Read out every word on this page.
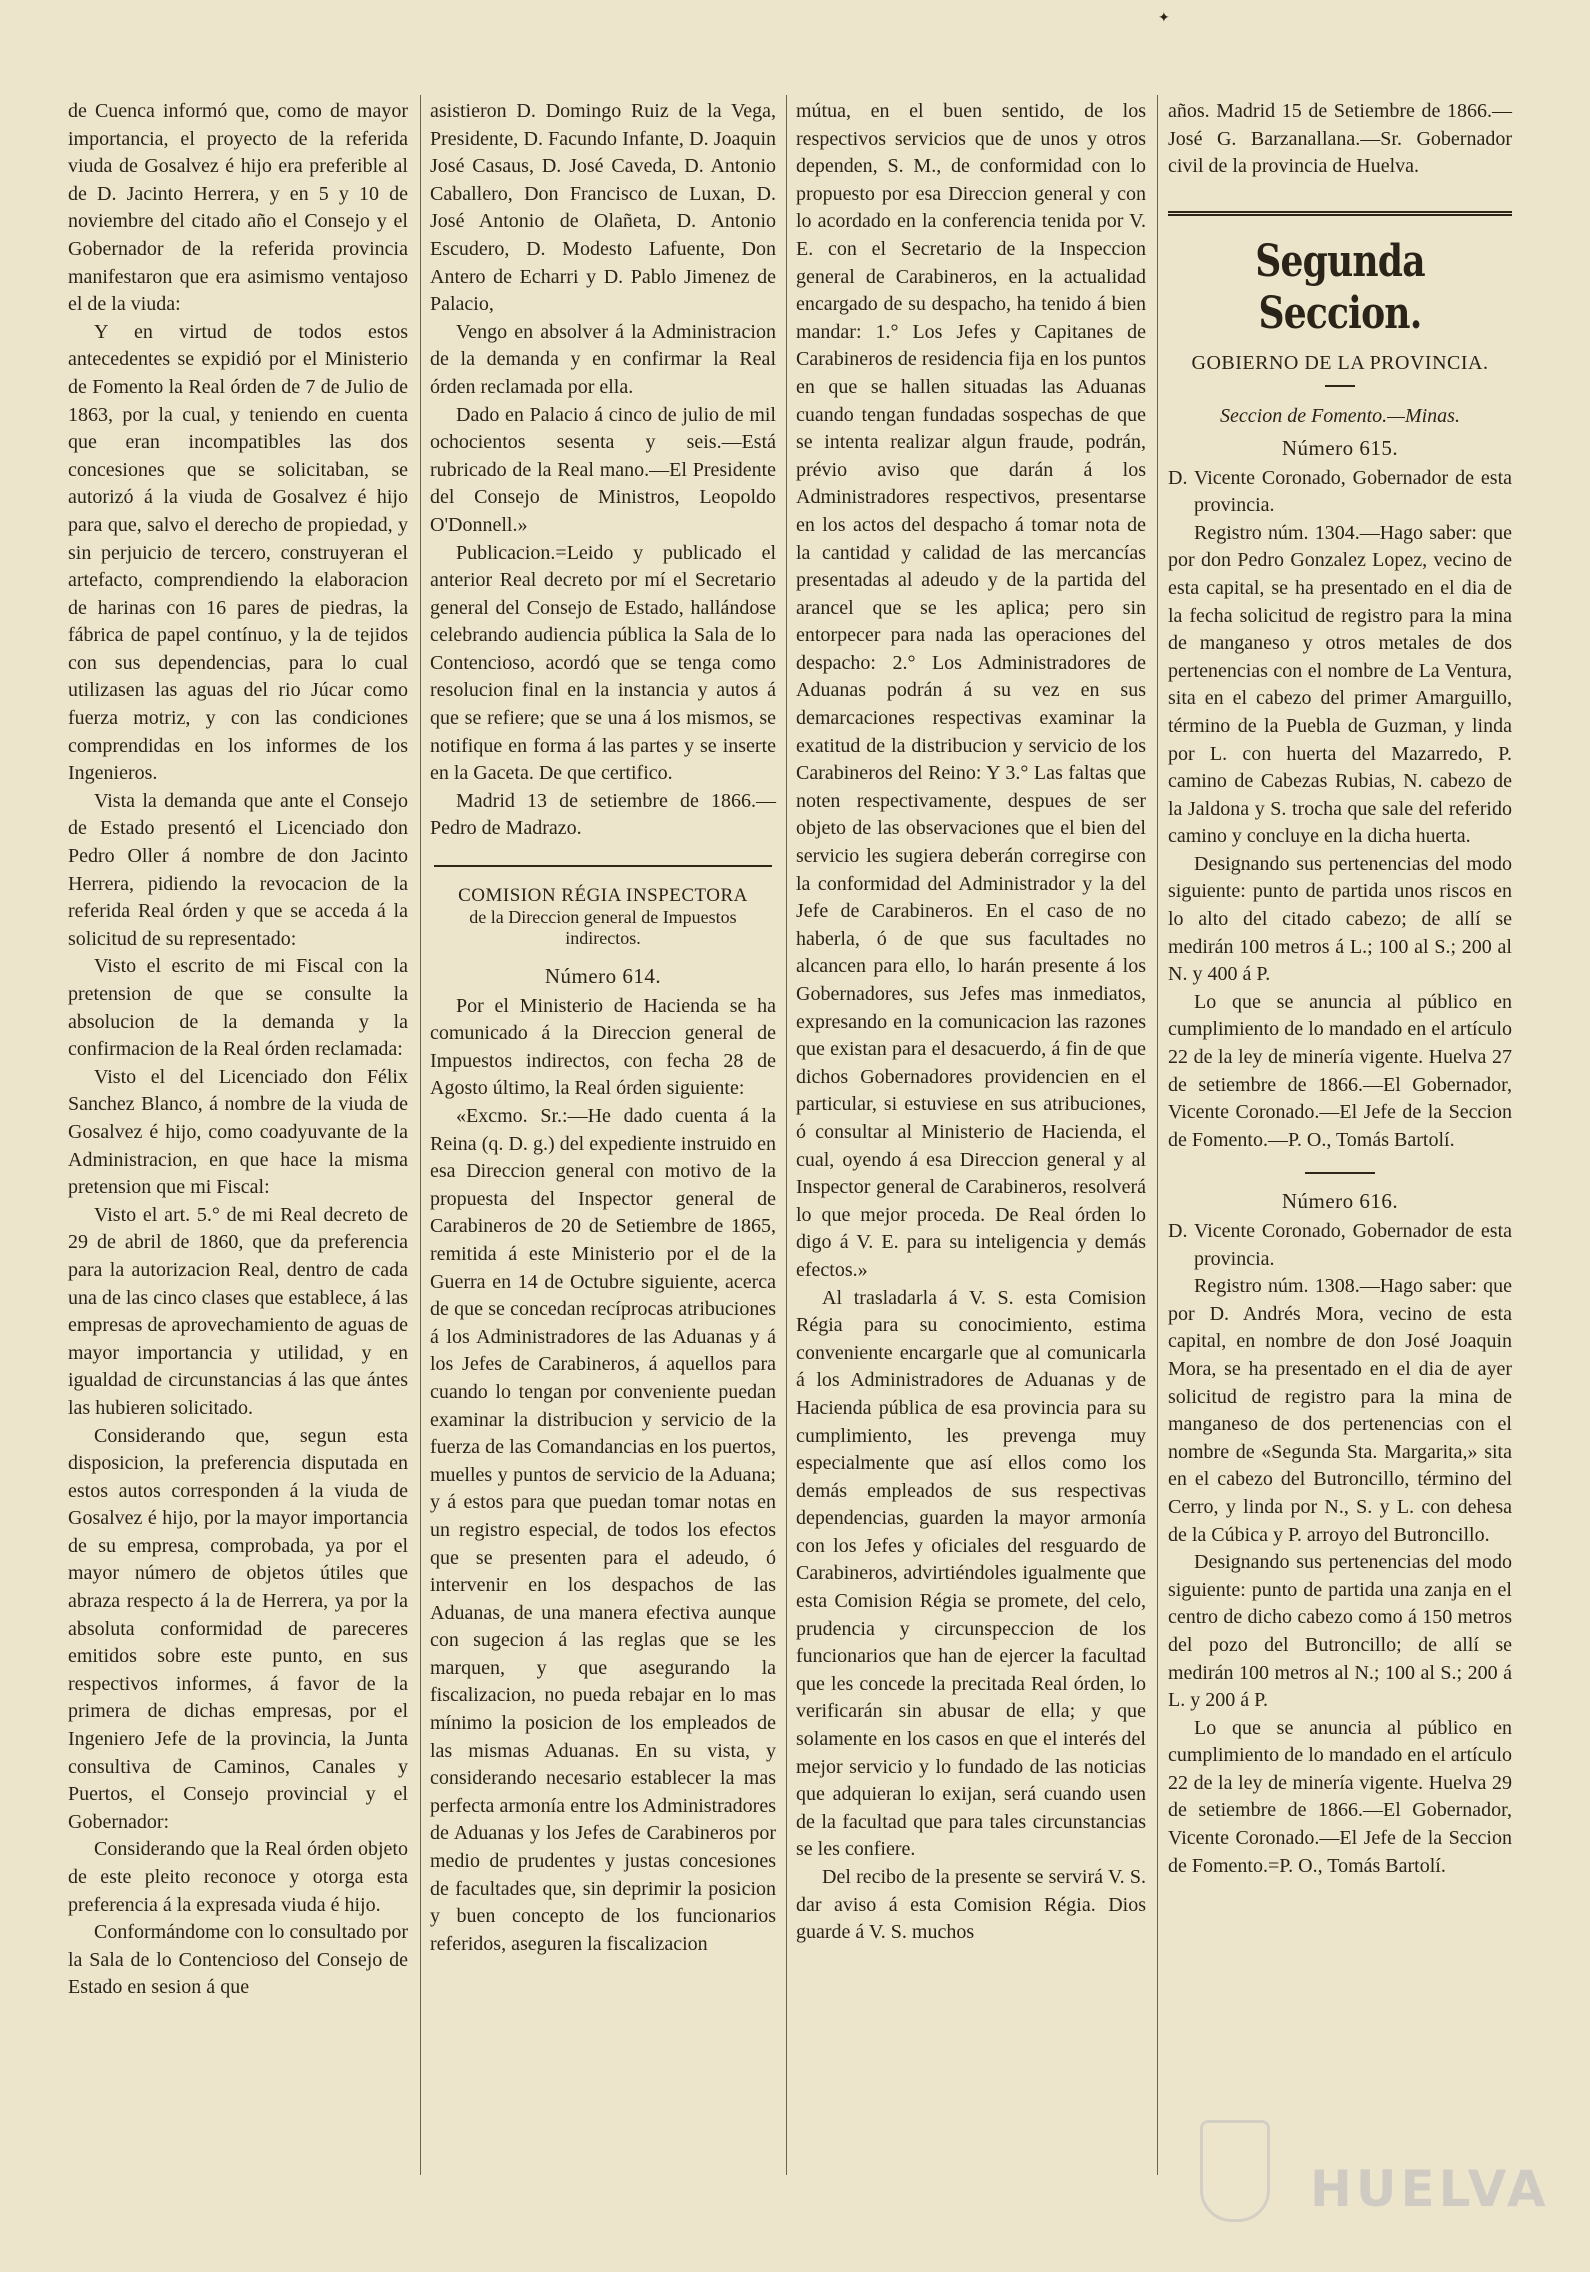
✦

de Cuenca informó que, como de mayor importancia, el proyecto de la referida viuda de Gosalvez é hijo era preferible al de D. Jacinto Herrera, y en 5 y 10 de noviembre del citado año el Consejo y el Gobernador de la referida provincia manifestaron que era asimismo ventajoso el de la viuda:

Y en virtud de todos estos antecedentes se expidió por el Ministerio de Fomento la Real órden de 7 de Julio de 1863, por la cual, y teniendo en cuenta que eran incompatibles las dos concesiones que se solicitaban, se autorizó á la viuda de Gosalvez é hijo para que, salvo el derecho de propiedad, y sin perjuicio de tercero, construyeran el artefacto, comprendiendo la elaboracion de harinas con 16 pares de piedras, la fábrica de papel contínuo, y la de tejidos con sus dependencias, para lo cual utilizasen las aguas del rio Júcar como fuerza motriz, y con las condiciones comprendidas en los informes de los Ingenieros.

Vista la demanda que ante el Consejo de Estado presentó el Licenciado don Pedro Oller á nombre de don Jacinto Herrera, pidiendo la revocacion de la referida Real órden y que se acceda á la solicitud de su representado:

Visto el escrito de mi Fiscal con la pretension de que se consulte la absolucion de la demanda y la confirmacion de la Real órden reclamada:

Visto el del Licenciado don Félix Sanchez Blanco, á nombre de la viuda de Gosalvez é hijo, como coadyuvante de la Administracion, en que hace la misma pretension que mi Fiscal:

Visto el art. 5.° de mi Real decreto de 29 de abril de 1860, que da preferencia para la autorizacion Real, dentro de cada una de las cinco clases que establece, á las empresas de aprovechamiento de aguas de mayor importancia y utilidad, y en igualdad de circunstancias á las que ántes las hubieren solicitado.

Considerando que, segun esta disposicion, la preferencia disputada en estos autos corresponden á la viuda de Gosalvez é hijo, por la mayor importancia de su empresa, comprobada, ya por el mayor número de objetos útiles que abraza respecto á la de Herrera, ya por la absoluta conformidad de pareceres emitidos sobre este punto, en sus respectivos informes, á favor de la primera de dichas empresas, por el Ingeniero Jefe de la provincia, la Junta consultiva de Caminos, Canales y Puertos, el Consejo provincial y el Gobernador:

Considerando que la Real órden objeto de este pleito reconoce y otorga esta preferencia á la expresada viuda é hijo.

Conformándome con lo consultado por la Sala de lo Contencioso del Consejo de Estado en sesion á que

asistieron D. Domingo Ruiz de la Vega, Presidente, D. Facundo Infante, D. Joaquin José Casaus, D. José Caveda, D. Antonio Caballero, Don Francisco de Luxan, D. José Antonio de Olañeta, D. Antonio Escudero, D. Modesto Lafuente, Don Antero de Echarri y D. Pablo Jimenez de Palacio,

Vengo en absolver á la Administracion de la demanda y en confirmar la Real órden reclamada por ella.

Dado en Palacio á cinco de julio de mil ochocientos sesenta y seis.—Está rubricado de la Real mano.—El Presidente del Consejo de Ministros, Leopoldo O'Donnell.»

Publicacion.=Leido y publicado el anterior Real decreto por mí el Secretario general del Consejo de Estado, hallándose celebrando audiencia pública la Sala de lo Contencioso, acordó que se tenga como resolucion final en la instancia y autos á que se refiere; que se una á los mismos, se notifique en forma á las partes y se inserte en la Gaceta. De que certifico.

Madrid 13 de setiembre de 1866.—Pedro de Madrazo.

COMISION RÉGIA INSPECTORA
de la Direccion general de Impuestos indirectos.
Número 614.

Por el Ministerio de Hacienda se ha comunicado á la Direccion general de Impuestos indirectos, con fecha 28 de Agosto último, la Real órden siguiente:

«Excmo. Sr.:—He dado cuenta á la Reina (q. D. g.) del expediente instruido en esa Direccion general con motivo de la propuesta del Inspector general de Carabineros de 20 de Setiembre de 1865, remitida á este Ministerio por el de la Guerra en 14 de Octubre siguiente, acerca de que se concedan recíprocas atribuciones á los Administradores de las Aduanas y á los Jefes de Carabineros, á aquellos para cuando lo tengan por conveniente puedan examinar la distribucion y servicio de la fuerza de las Comandancias en los puertos, muelles y puntos de servicio de la Aduana; y á estos para que puedan tomar notas en un registro especial, de todos los efectos que se presenten para el adeudo, ó intervenir en los despachos de las Aduanas, de una manera efectiva aunque con sugecion á las reglas que se les marquen, y que asegurando la fiscalizacion, no pueda rebajar en lo mas mínimo la posicion de los empleados de las mismas Aduanas. En su vista, y considerando necesario establecer la mas perfecta armonía entre los Administradores de Aduanas y los Jefes de Carabineros por medio de prudentes y justas concesiones de facultades que, sin deprimir la posicion y buen concepto de los funcionarios referidos, aseguren la fiscalizacion

mútua, en el buen sentido, de los respectivos servicios que de unos y otros dependen, S. M., de conformidad con lo propuesto por esa Direccion general y con lo acordado en la conferencia tenida por V. E. con el Secretario de la Inspeccion general de Carabineros, en la actualidad encargado de su despacho, ha tenido á bien mandar: 1.° Los Jefes y Capitanes de Carabineros de residencia fija en los puntos en que se hallen situadas las Aduanas cuando tengan fundadas sospechas de que se intenta realizar algun fraude, podrán, prévio aviso que darán á los Administradores respectivos, presentarse en los actos del despacho á tomar nota de la cantidad y calidad de las mercancías presentadas al adeudo y de la partida del arancel que se les aplica; pero sin entorpecer para nada las operaciones del despacho: 2.° Los Administradores de Aduanas podrán á su vez en sus demarcaciones respectivas examinar la exatitud de la distribucion y servicio de los Carabineros del Reino: Y 3.° Las faltas que noten respectivamente, despues de ser objeto de las observaciones que el bien del servicio les sugiera deberán corregirse con la conformidad del Administrador y la del Jefe de Carabineros. En el caso de no haberla, ó de que sus facultades no alcancen para ello, lo harán presente á los Gobernadores, sus Jefes mas inmediatos, expresando en la comunicacion las razones que existan para el desacuerdo, á fin de que dichos Gobernadores providencien en el particular, si estuviese en sus atribuciones, ó consultar al Ministerio de Hacienda, el cual, oyendo á esa Direccion general y al Inspector general de Carabineros, resolverá lo que mejor proceda. De Real órden lo digo á V. E. para su inteligencia y demás efectos.»

Al trasladarla á V. S. esta Comision Régia para su conocimiento, estima conveniente encargarle que al comunicarla á los Administradores de Aduanas y de Hacienda pública de esa provincia para su cumplimiento, les prevenga muy especialmente que así ellos como los demás empleados de sus respectivas dependencias, guarden la mayor armonía con los Jefes y oficiales del resguardo de Carabineros, advirtiéndoles igualmente que esta Comision Régia se promete, del celo, prudencia y circunspeccion de los funcionarios que han de ejercer la facultad que les concede la precitada Real órden, lo verificarán sin abusar de ella; y que solamente en los casos en que el interés del mejor servicio y lo fundado de las noticias que adquieran lo exijan, será cuando usen de la facultad que para tales circunstancias se les confiere.

Del recibo de la presente se servirá V. S. dar aviso á esta Comision Régia. Dios guarde á V. S. muchos

años. Madrid 15 de Setiembre de 1866.—José G. Barzanallana.—Sr. Gobernador civil de la provincia de Huelva.

Segunda Seccion.
GOBIERNO DE LA PROVINCIA.
Seccion de Fomento.—Minas.
Número 615.

D. Vicente Coronado, Gobernador de esta provincia.

Registro núm. 1304.—Hago saber: que por don Pedro Gonzalez Lopez, vecino de esta capital, se ha presentado en el dia de la fecha solicitud de registro para la mina de manganeso y otros metales de dos pertenencias con el nombre de La Ventura, sita en el cabezo del primer Amarguillo, término de la Puebla de Guzman, y linda por L. con huerta del Mazarredo, P. camino de Cabezas Rubias, N. cabezo de la Jaldona y S. trocha que sale del referido camino y concluye en la dicha huerta.

Designando sus pertenencias del modo siguiente: punto de partida unos riscos en lo alto del citado cabezo; de allí se medirán 100 metros á L.; 100 al S.; 200 al N. y 400 á P.

Lo que se anuncia al público en cumplimiento de lo mandado en el artículo 22 de la ley de minería vigente. Huelva 27 de setiembre de 1866.—El Gobernador, Vicente Coronado.—El Jefe de la Seccion de Fomento.—P. O., Tomás Bartolí.

Número 616.

D. Vicente Coronado, Gobernador de esta provincia.

Registro núm. 1308.—Hago saber: que por D. Andrés Mora, vecino de esta capital, en nombre de don José Joaquin Mora, se ha presentado en el dia de ayer solicitud de registro para la mina de manganeso de dos pertenencias con el nombre de «Segunda Sta. Margarita,» sita en el cabezo del Butroncillo, término del Cerro, y linda por N., S. y L. con dehesa de la Cúbica y P. arroyo del Butroncillo.

Designando sus pertenencias del modo siguiente: punto de partida una zanja en el centro de dicho cabezo como á 150 metros del pozo del Butroncillo; de allí se medirán 100 metros al N.; 100 al S.; 200 á L. y 200 á P.

Lo que se anuncia al público en cumplimiento de lo mandado en el artículo 22 de la ley de minería vigente. Huelva 29 de setiembre de 1866.—El Gobernador, Vicente Coronado.—El Jefe de la Seccion de Fomento.=P. O., Tomás Bartolí.

HUELVA
